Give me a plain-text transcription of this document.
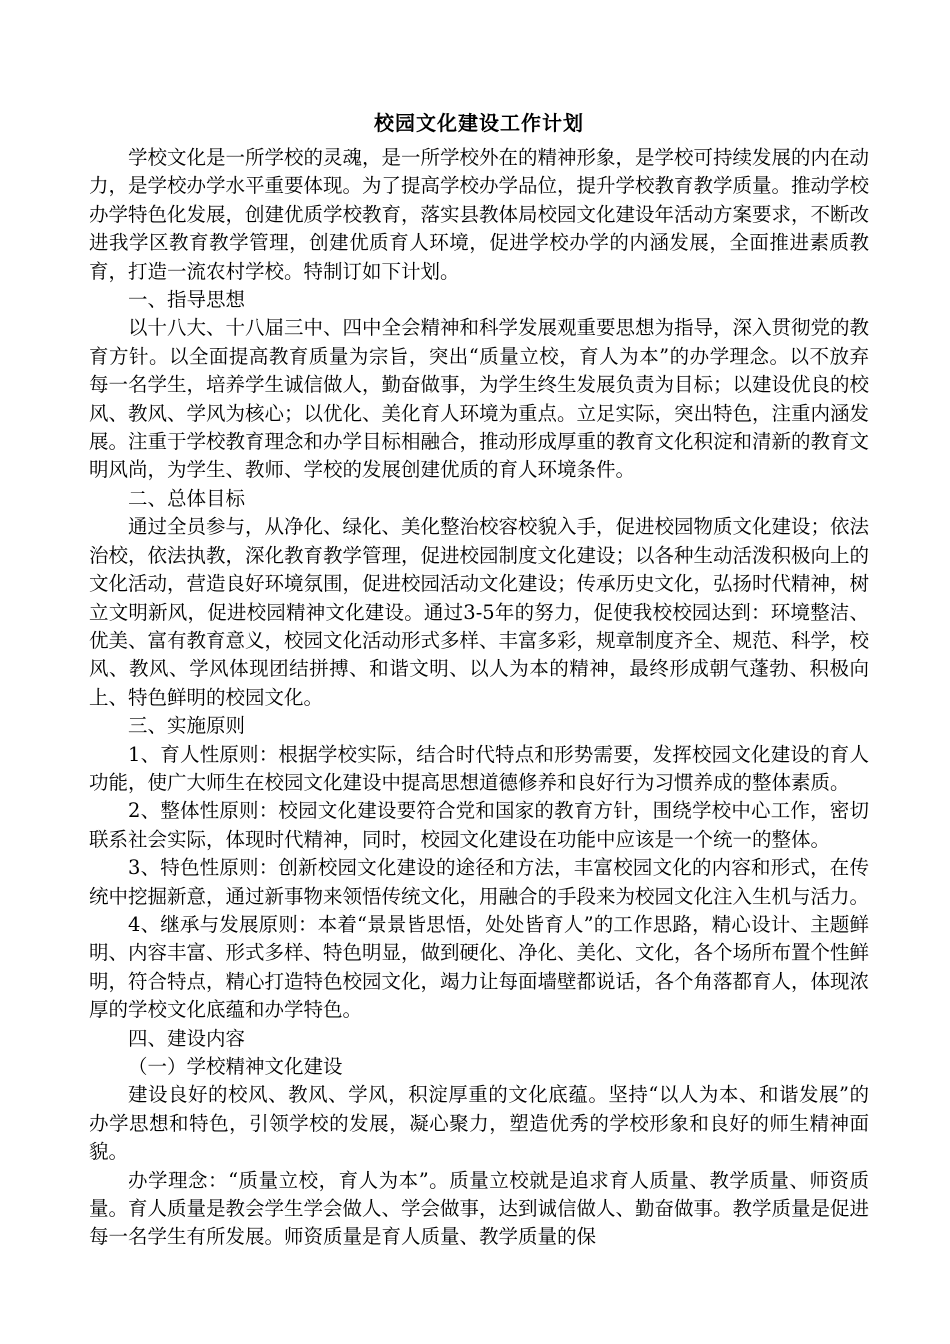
校园文化建设工作计划

学校文化是一所学校的灵魂，是一所学校外在的精神形象，是学校可持续发展的内在动力，是学校办学水平重要体现。为了提高学校办学品位，提升学校教育教学质量。推动学校办学特色化发展，创建优质学校教育，落实县教体局校园文化建设年活动方案要求，不断改进我学区教育教学管理，创建优质育人环境，促进学校办学的内涵发展，全面推进素质教育，打造一流农村学校。特制订如下计划。

一、指导思想

以十八大、十八届三中、四中全会精神和科学发展观重要思想为指导，深入贯彻党的教育方针。以全面提高教育质量为宗旨，突出“质量立校，育人为本”的办学理念。以不放弃每一名学生，培养学生诚信做人，勤奋做事，为学生终生发展负责为目标；以建设优良的校风、教风、学风为核心；以优化、美化育人环境为重点。立足实际，突出特色，注重内涵发展。注重于学校教育理念和办学目标相融合，推动形成厚重的教育文化积淀和清新的教育文明风尚，为学生、教师、学校的发展创建优质的育人环境条件。

二、总体目标

通过全员参与，从净化、绿化、美化整治校容校貌入手，促进校园物质文化建设；依法治校，依法执教，深化教育教学管理，促进校园制度文化建设；以各种生动活泼积极向上的文化活动，营造良好环境氛围，促进校园活动文化建设；传承历史文化，弘扬时代精神，树立文明新风，促进校园精神文化建设。通过3-5年的努力，促使我校校园达到：环境整洁、优美、富有教育意义，校园文化活动形式多样、丰富多彩，规章制度齐全、规范、科学，校风、教风、学风体现团结拼搏、和谐文明、以人为本的精神，最终形成朝气蓬勃、积极向上、特色鲜明的校园文化。

三、实施原则

1、育人性原则：根据学校实际，结合时代特点和形势需要，发挥校园文化建设的育人功能，使广大师生在校园文化建设中提高思想道德修养和良好行为习惯养成的整体素质。

2、整体性原则：校园文化建设要符合党和国家的教育方针，围绕学校中心工作，密切联系社会实际，体现时代精神，同时，校园文化建设在功能中应该是一个统一的整体。

3、特色性原则：创新校园文化建设的途径和方法，丰富校园文化的内容和形式，在传统中挖掘新意，通过新事物来领悟传统文化，用融合的手段来为校园文化注入生机与活力。

4、继承与发展原则：本着“景景皆思悟，处处皆育人”的工作思路，精心设计、主题鲜明、内容丰富、形式多样、特色明显，做到硬化、净化、美化、文化，各个场所布置个性鲜明，符合特点，精心打造特色校园文化，竭力让每面墙壁都说话，各个角落都育人，体现浓厚的学校文化底蕴和办学特色。

四、建设内容

（一）学校精神文化建设

建设良好的校风、教风、学风，积淀厚重的文化底蕴。坚持“以人为本、和谐发展”的办学思想和特色，引领学校的发展，凝心聚力，塑造优秀的学校形象和良好的师生精神面貌。

办学理念：“质量立校，育人为本”。质量立校就是追求育人质量、教学质量、师资质量。育人质量是教会学生学会做人、学会做事，达到诚信做人、勤奋做事。教学质量是促进每一名学生有所发展。师资质量是育人质量、教学质量的保
